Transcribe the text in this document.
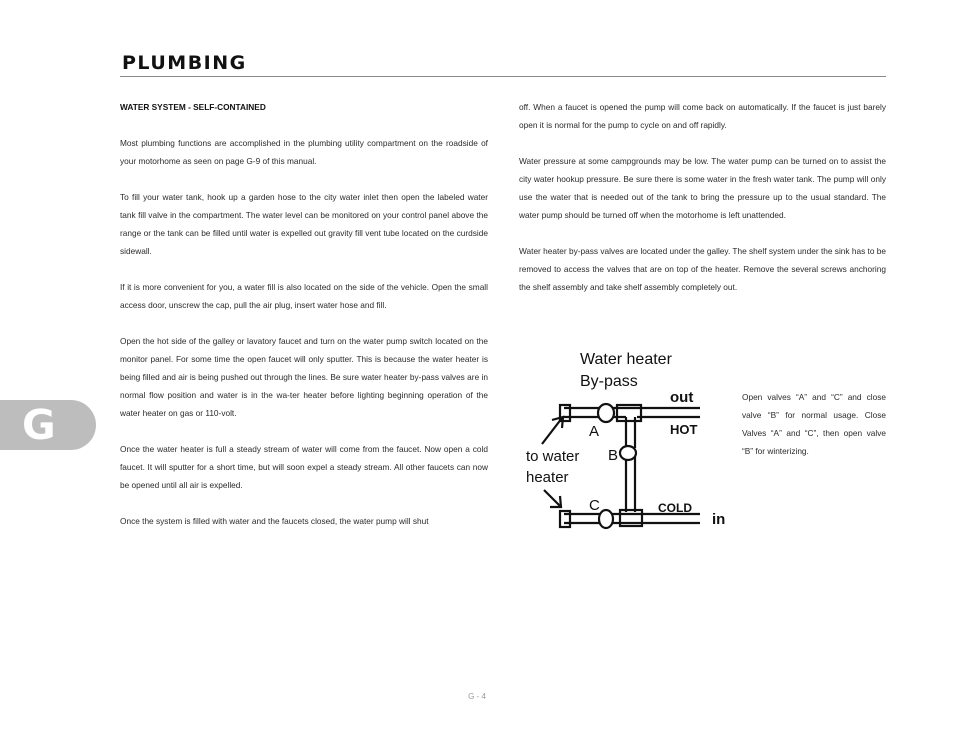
PLUMBING

WATER SYSTEM - SELF-CONTAINED

Most plumbing functions are accomplished in the plumbing utility compartment on the roadside of your motorhome as seen on page G-9 of this manual.

To fill your water tank, hook up a garden hose to the city water inlet then open the labeled water tank fill valve in the compartment. The water level can be monitored on your control panel above the range or the tank can be filled until water is expelled out gravity fill vent tube located on the curdside sidewall.

If it is more convenient for you, a water fill is also located on the side of the vehicle. Open the small access door, unscrew the cap, pull the air plug, insert water hose and fill.

Open the hot side of the galley or lavatory faucet and turn on the water pump switch located on the monitor panel. For some time the open faucet will only sputter. This is because the water heater is being filled and air is being pushed out through the lines. Be sure water heater by-pass valves are in normal flow position and water is in the wa-ter heater before lighting beginning operation of the water heater on gas or 110-volt.

Once the water heater is full a steady stream of water will come from the faucet. Now open a cold faucet. It will sputter for a short time, but will soon expel a steady stream. All other faucets can now be opened until all air is expelled.

Once the system is filled with water and the faucets closed, the water pump will shut

off. When a faucet is opened the pump will come back on automatically. If the faucet is just barely open it is normal for the pump to cycle on and off rapidly.

Water pressure at some campgrounds may be low. The water pump can be turned on to assist the city water hookup pressure. Be sure there is some water in the fresh water tank. The pump will only use the water that is needed out of the tank to bring the pressure up to the usual standard. The water pump should be turned off when the motorhome is left unattended.

Water heater by-pass valves are located under the galley. The shelf system under the sink has to be removed to access the valves that are on top of the heater. Remove the several screws anchoring the shelf assembly and take shelf assembly completely out.

Water heater
By-pass
out
A	HOT
B
to water
heater
C	COLD
in

Open valves “A” and “C” and close valve “B” for normal usage. Close Valves “A” and “C”, then open valve “B” for winterizing.

G
G - 4
